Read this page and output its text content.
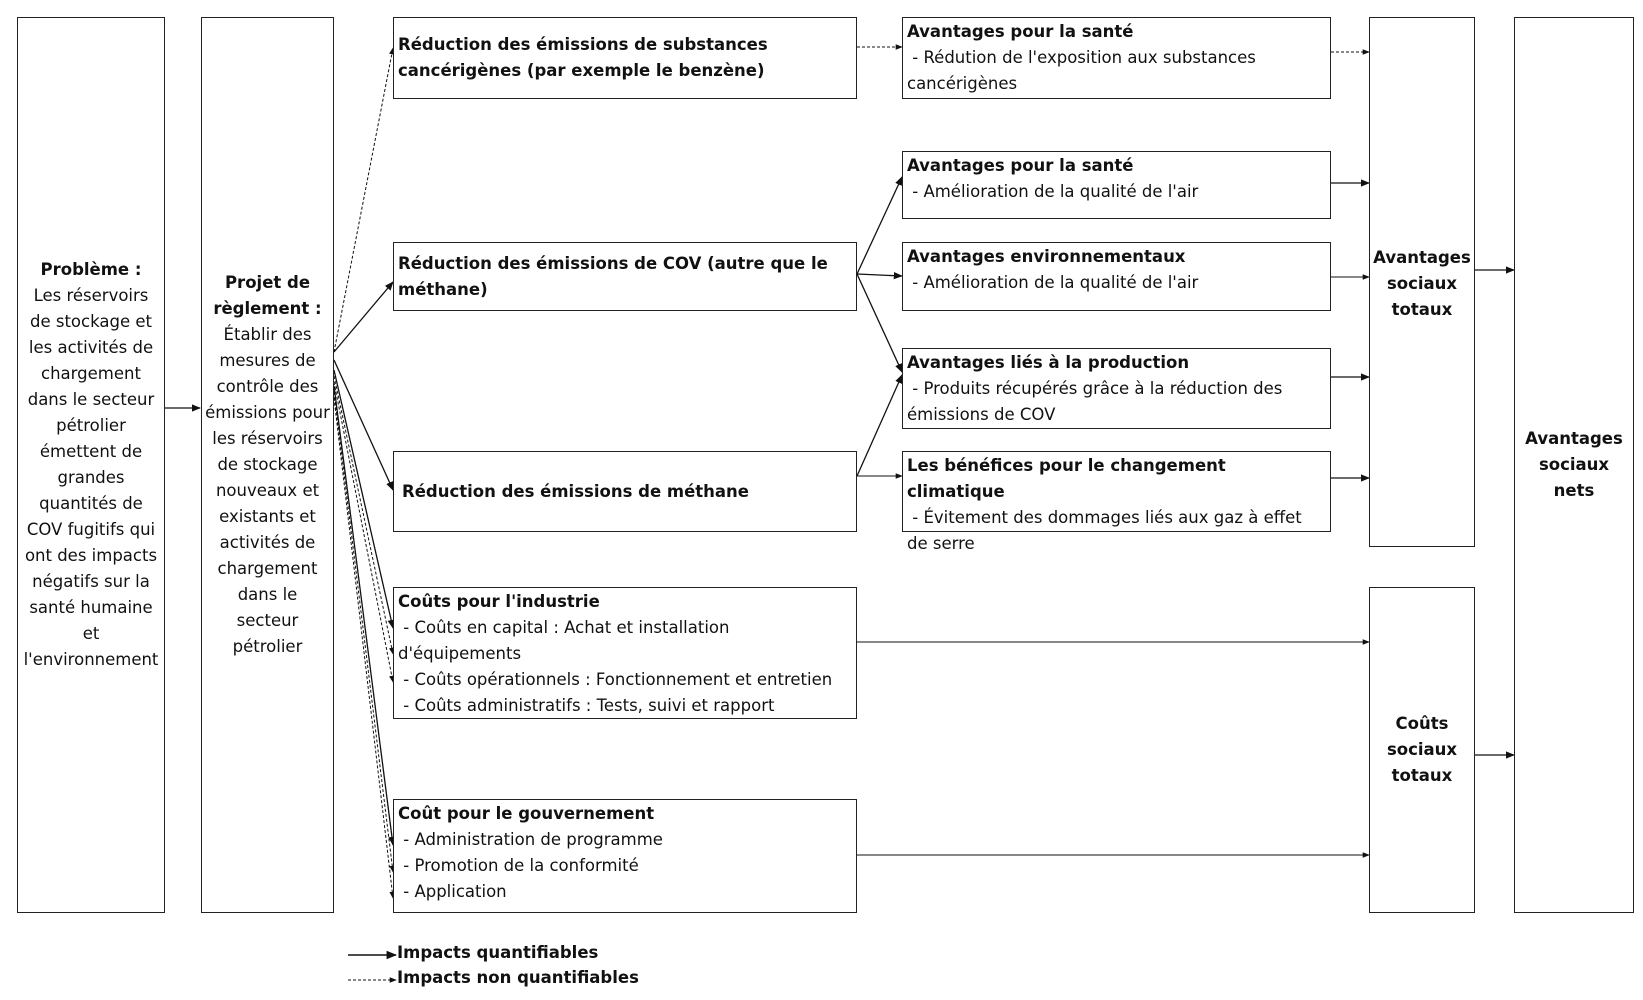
Problème :
Les réservoirs de stockage et les activités de chargement dans le secteur pétrolier émettent de grandes quantités de COV fugitifs qui ont des impacts négatifs sur la santé humaine et l'environnement
Projet de règlement :
Établir des mesures de contrôle des émissions pour les réservoirs de stockage nouveaux et existants et activités de chargement dans le secteur pétrolier
Réduction des émissions de substances cancérigènes (par exemple le benzène)
Réduction des émissions de COV (autre que le méthane)
Réduction des émissions de méthane
Coûts pour l'industrie
- Coûts en capital : Achat et installation d'équipements
- Coûts opérationnels : Fonctionnement et entretien
- Coûts administratifs : Tests, suivi et rapport
Coût pour le gouvernement
- Administration de programme
- Promotion de la conformité
- Application
Avantages pour la santé
- Rédution de l'exposition aux substances cancérigènes
Avantages pour la santé
- Amélioration de la qualité de l'air
Avantages environnementaux
- Amélioration de la qualité de l'air
Avantages liés à la production
- Produits récupérés grâce à la réduction des émissions de COV
Les bénéfices pour le changement climatique
- Évitement des dommages liés aux gaz à effet de serre
Avantages sociaux totaux
Coûts sociaux totaux
Avantages sociaux nets
Impacts quantifiables
Impacts non quantifiables
